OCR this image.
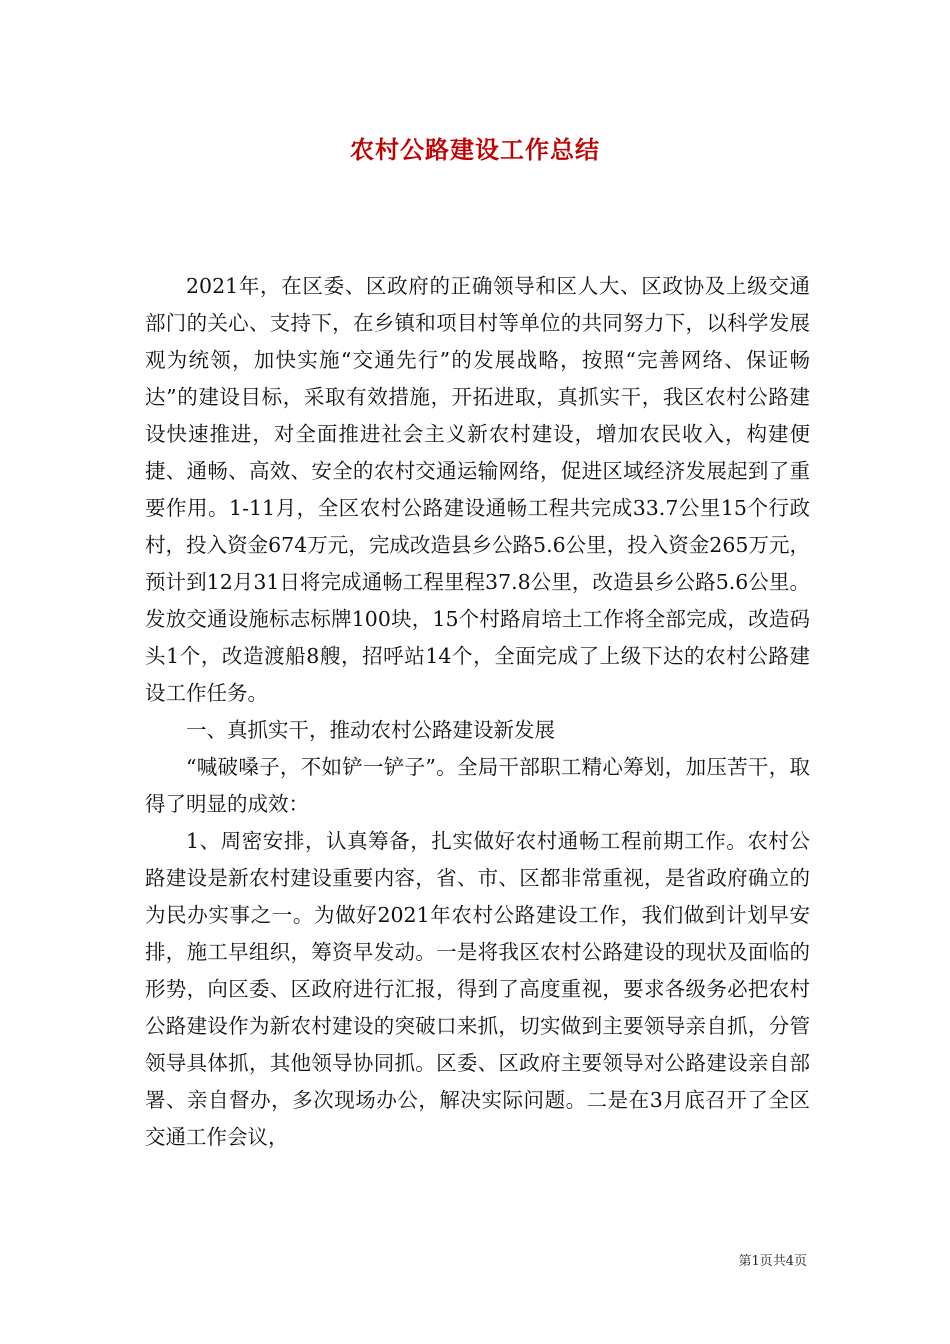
农村公路建设工作总结

2021年，在区委、区政府的正确领导和区人大、区政协及上级交通部门的关心、支持下，在乡镇和项目村等单位的共同努力下，以科学发展观为统领，加快实施“交通先行”的发展战略，按照“完善网络、保证畅达”的建设目标，采取有效措施，开拓进取，真抓实干，我区农村公路建设快速推进，对全面推进社会主义新农村建设，增加农民收入，构建便捷、通畅、高效、安全的农村交通运输网络，促进区域经济发展起到了重要作用。1-11月，全区农村公路建设通畅工程共完成33.7公里15个行政村，投入资金674万元，完成改造县乡公路5.6公里，投入资金265万元，预计到12月31日将完成通畅工程里程37.8公里，改造县乡公路5.6公里。发放交通设施标志标牌100块，15个村路肩培土工作将全部完成，改造码头1个，改造渡船8艘，招呼站14个，全面完成了上级下达的农村公路建设工作任务。

一、真抓实干，推动农村公路建设新发展

“喊破嗓子，不如铲一铲子”。全局干部职工精心筹划，加压苦干，取得了明显的成效：

1、周密安排，认真筹备，扎实做好农村通畅工程前期工作。农村公路建设是新农村建设重要内容，省、市、区都非常重视，是省政府确立的为民办实事之一。为做好2021年农村公路建设工作，我们做到计划早安排，施工早组织，筹资早发动。一是将我区农村公路建设的现状及面临的形势，向区委、区政府进行汇报，得到了高度重视，要求各级务必把农村公路建设作为新农村建设的突破口来抓，切实做到主要领导亲自抓，分管领导具体抓，其他领导协同抓。区委、区政府主要领导对公路建设亲自部署、亲自督办，多次现场办公，解决实际问题。二是在3月底召开了全区交通工作会议，

第1页共4页
